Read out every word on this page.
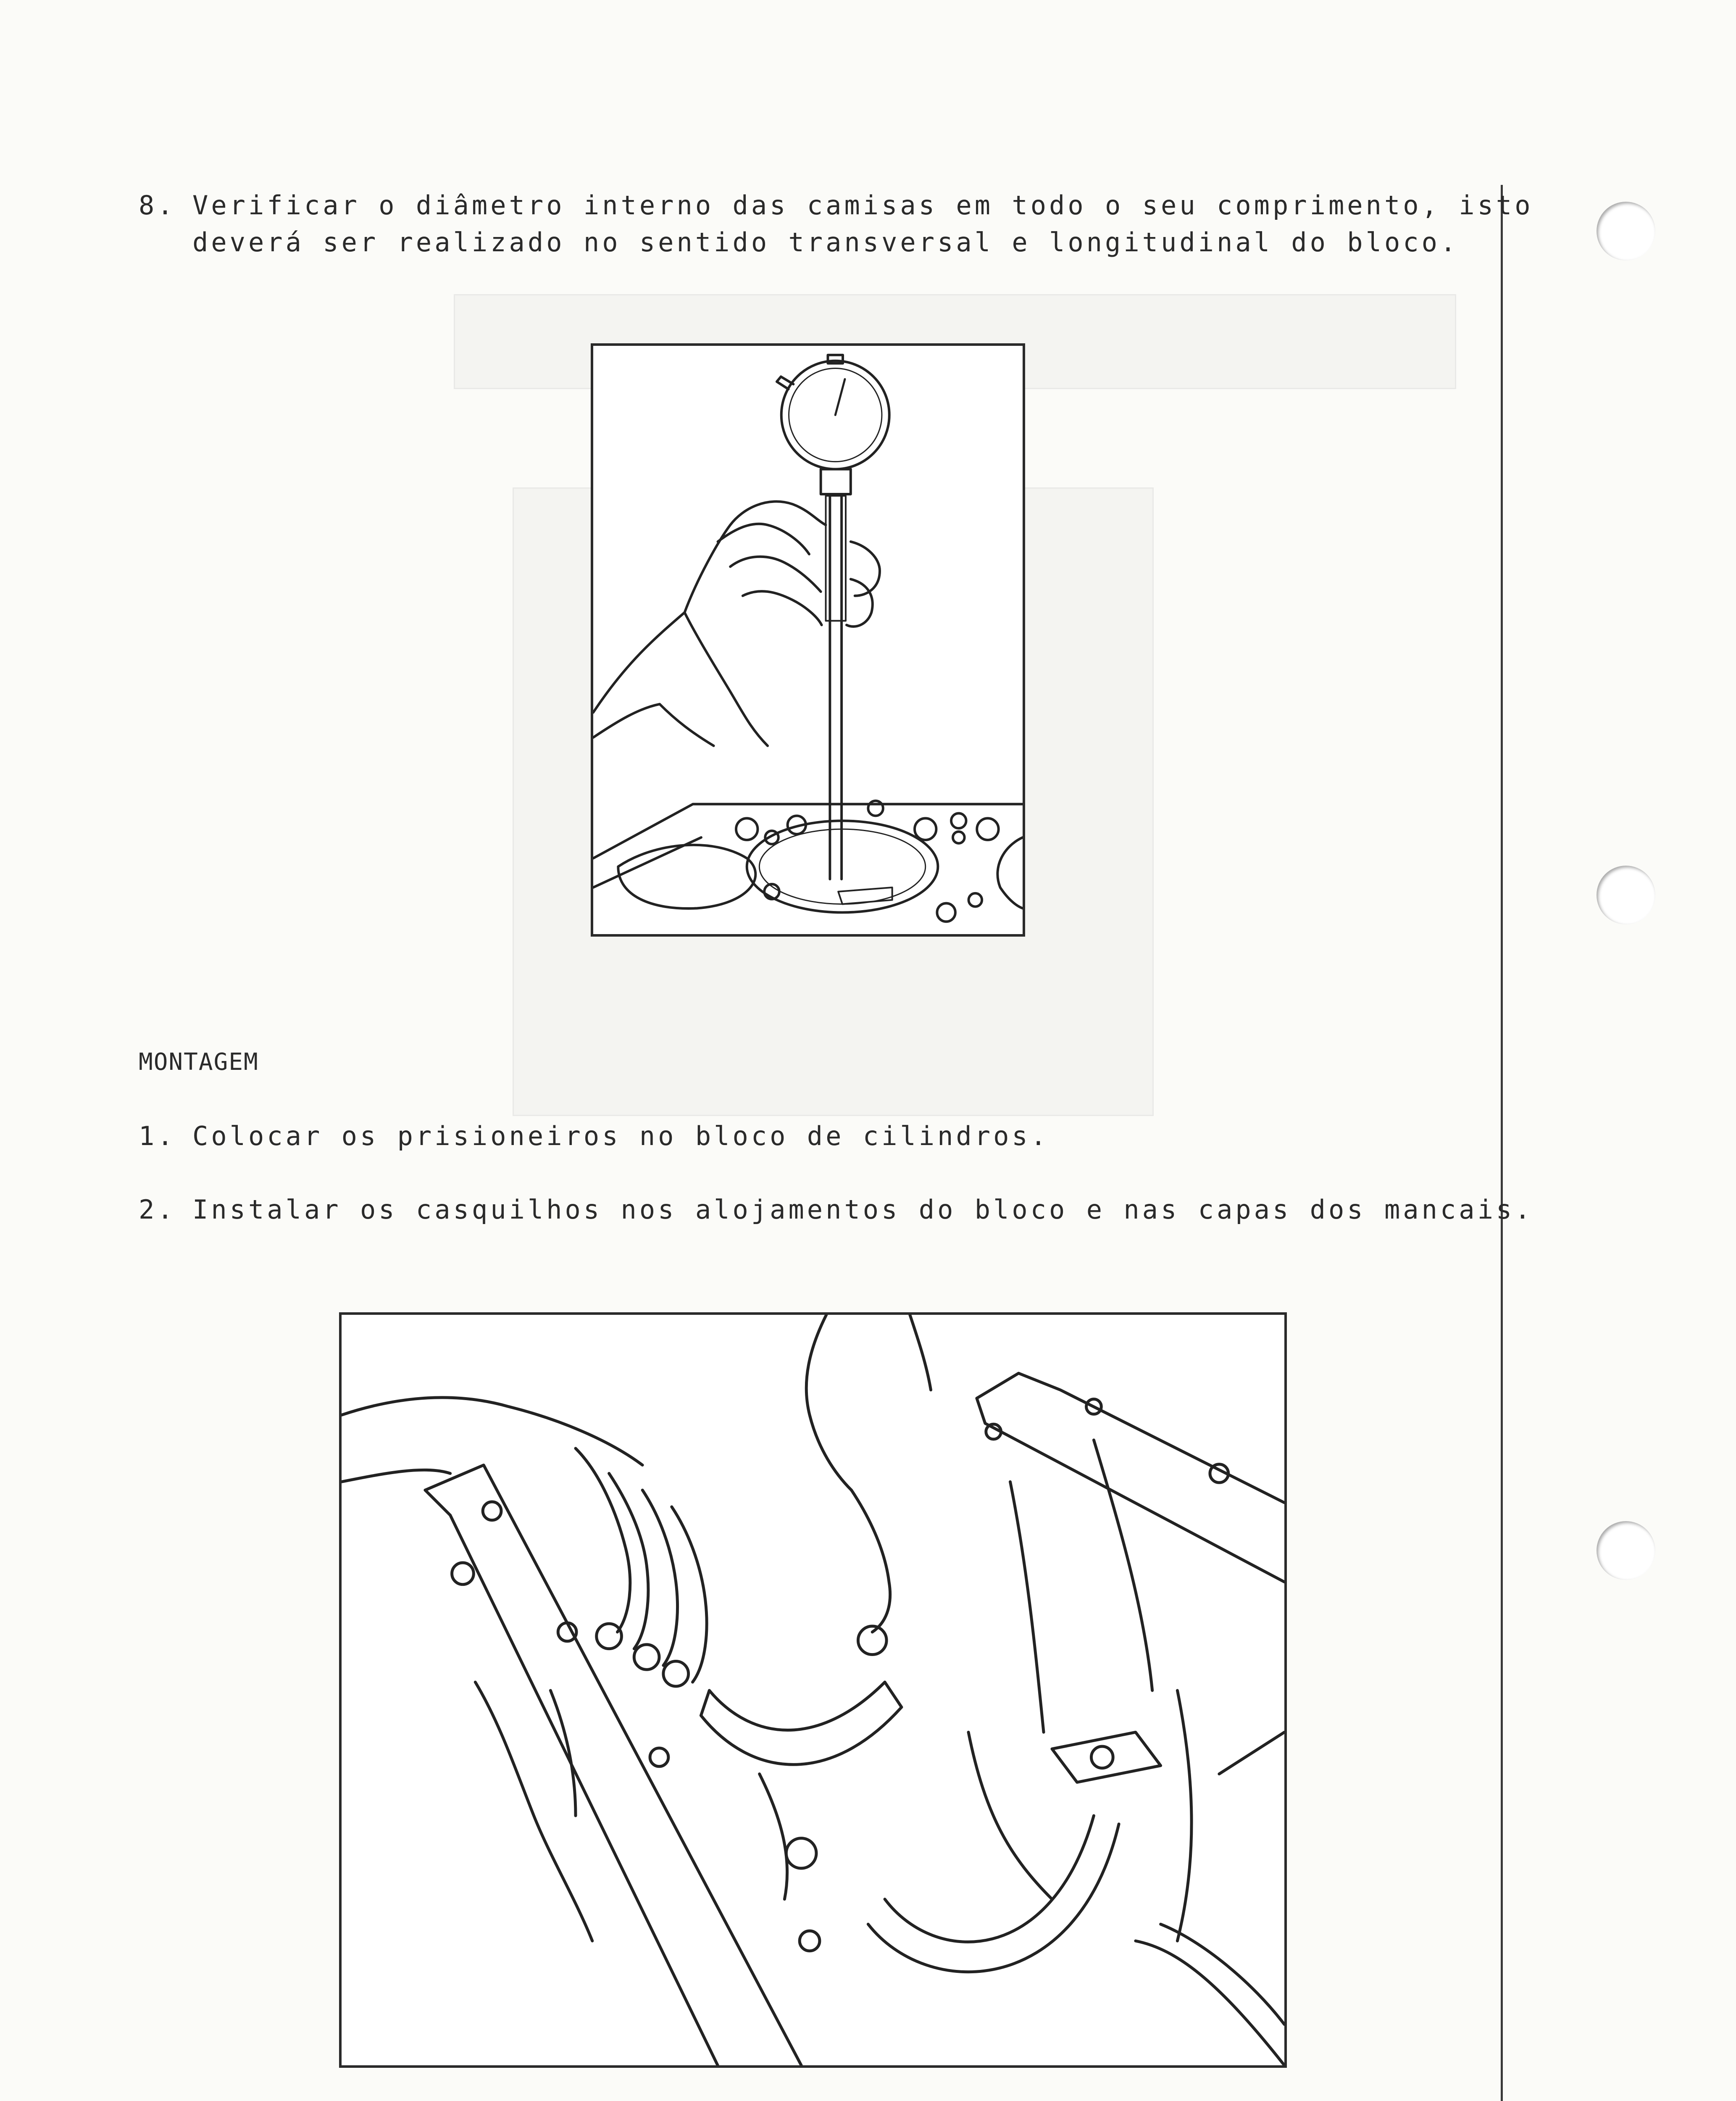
8. Verificar o diâmetro interno das camisas em todo o seu comprimento, isto
deverá ser realizado no sentido transversal e longitudinal do bloco.
MONTAGEM
1. Colocar os prisioneiros no bloco de cilindros.
2. Instalar os casquilhos nos alojamentos do bloco e nas capas dos mancais.
